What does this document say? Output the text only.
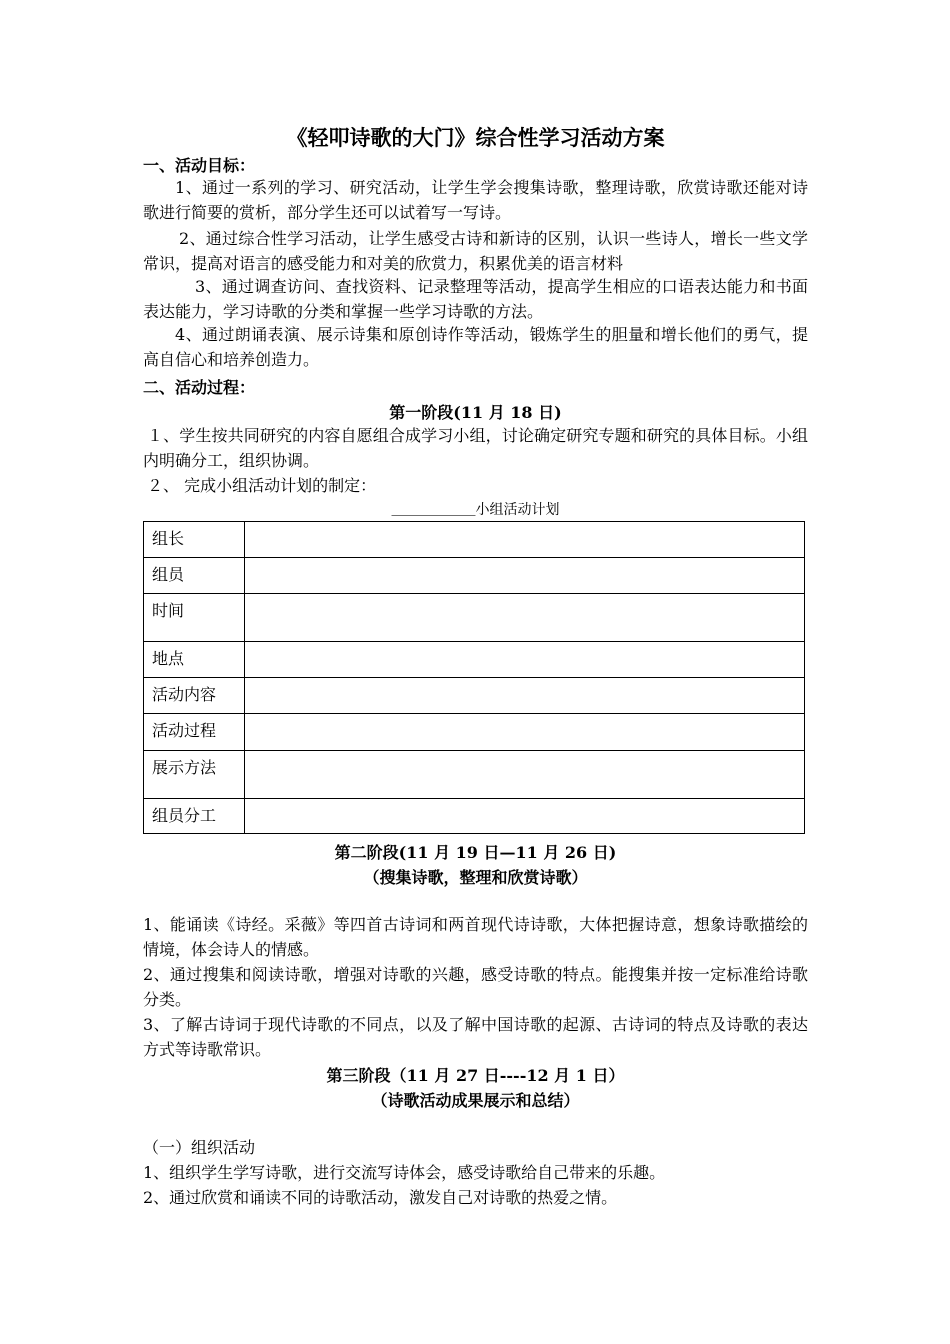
《轻叩诗歌的大门》综合性学习活动方案
一、活动目标：
1、通过一系列的学习、研究活动，让学生学会搜集诗歌，整理诗歌，欣赏诗歌还能对诗歌进行简要的赏析，部分学生还可以试着写一写诗。
2、通过综合性学习活动，让学生感受古诗和新诗的区别，认识一些诗人，增长一些文学常识，提高对语言的感受能力和对美的欣赏力，积累优美的语言材料
3、通过调查访问、查找资料、记录整理等活动，提高学生相应的口语表达能力和书面表达能力，学习诗歌的分类和掌握一些学习诗歌的方法。
4、通过朗诵表演、展示诗集和原创诗作等活动，锻炼学生的胆量和增长他们的勇气，提高自信心和培养创造力。
二、活动过程：
第一阶段(11 月 18 日)
１、学生按共同研究的内容自愿组合成学习小组，讨论确定研究专题和研究的具体目标。小组内明确分工，组织协调。
２、 完成小组活动计划的制定：
＿＿＿＿＿＿小组活动计划
组长	
组员	
时间	
地点	
活动内容	
活动过程	
展示方法	
组员分工	
第二阶段(11 月 19 日—11 月 26 日)
（搜集诗歌，整理和欣赏诗歌）
1、能诵读《诗经。采薇》等四首古诗词和两首现代诗诗歌，大体把握诗意，想象诗歌描绘的情境，体会诗人的情感。
2、通过搜集和阅读诗歌，增强对诗歌的兴趣，感受诗歌的特点。能搜集并按一定标准给诗歌分类。
3、了解古诗词于现代诗歌的不同点，以及了解中国诗歌的起源、古诗词的特点及诗歌的表达方式等诗歌常识。
第三阶段（11 月 27 日----12 月 1 日）
（诗歌活动成果展示和总结）
（一）组织活动
1、组织学生学写诗歌，进行交流写诗体会，感受诗歌给自己带来的乐趣。
2、通过欣赏和诵读不同的诗歌活动，激发自己对诗歌的热爱之情。
